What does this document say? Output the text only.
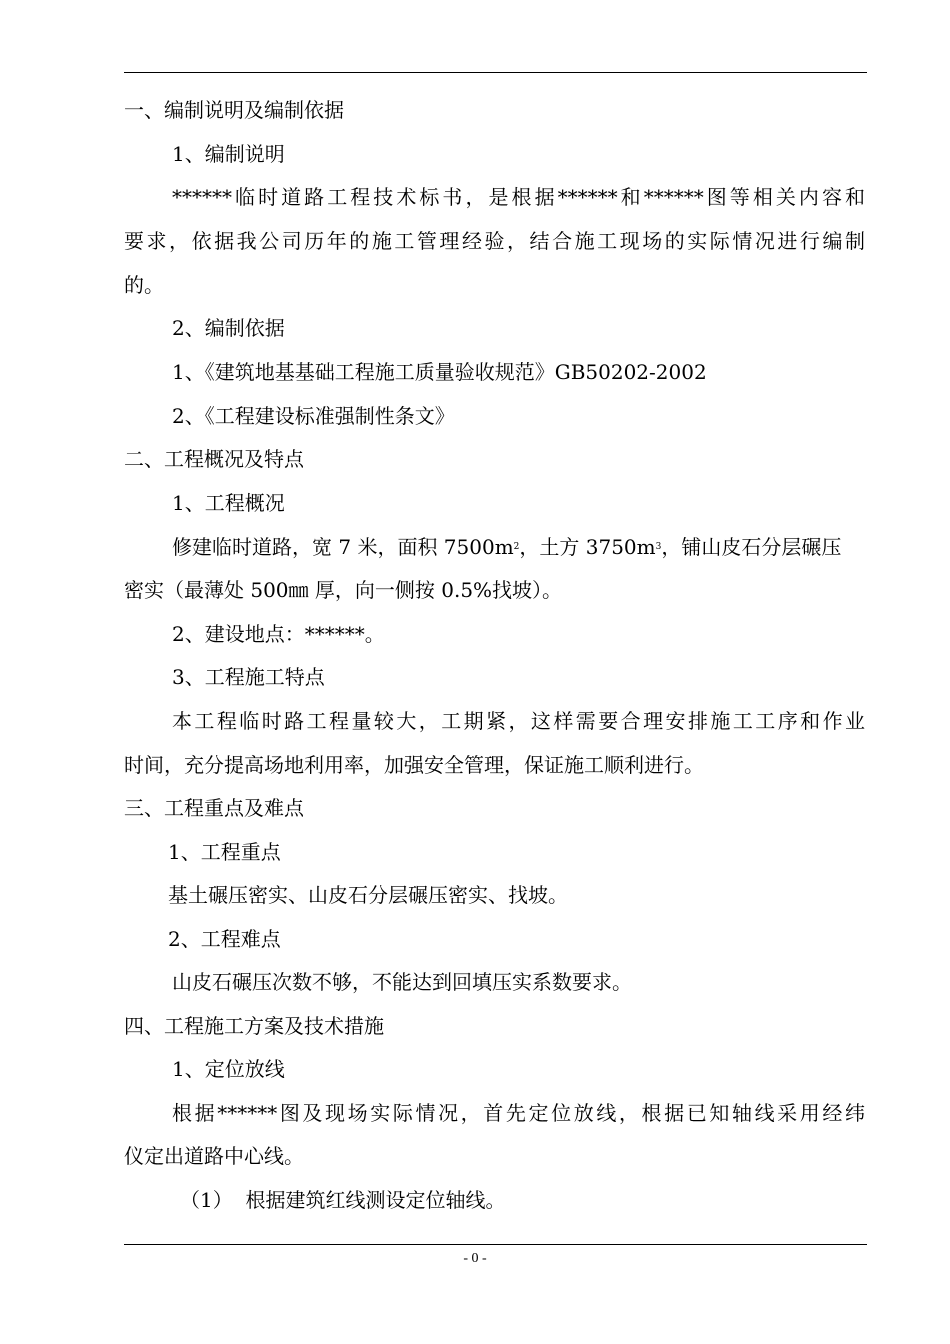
一、编制说明及编制依据
1、编制说明
******临时道路工程技术标书，是根据******和******图等相关内容和
要求，依据我公司历年的施工管理经验，结合施工现场的实际情况进行编制
的。
2、编制依据
1、《建筑地基基础工程施工质量验收规范》GB50202-2002
2、《工程建设标准强制性条文》
二、工程概况及特点
1、工程概况
修建临时道路，宽 7 米，面积 $7500m_2$，土方 $3750m_3$，铺山皮石分层碾压
密实（最薄处 500㎜ 厚，向一侧按 0.5%找坡）。
2、建设地点：******。
3、工程施工特点
本工程临时路工程量较大，工期紧，这样需要合理安排施工工序和作业
时间，充分提高场地利用率，加强安全管理，保证施工顺利进行。
三、工程重点及难点
1、工程重点
基土碾压密实、山皮石分层碾压密实、找坡。
2、工程难点
山皮石碾压次数不够，不能达到回填压实系数要求。
四、工程施工方案及技术措施
1、定位放线
根据******图及现场实际情况，首先定位放线，根据已知轴线采用经纬
仪定出道路中心线。
（1）  根据建筑红线测设定位轴线。
- 0 -
